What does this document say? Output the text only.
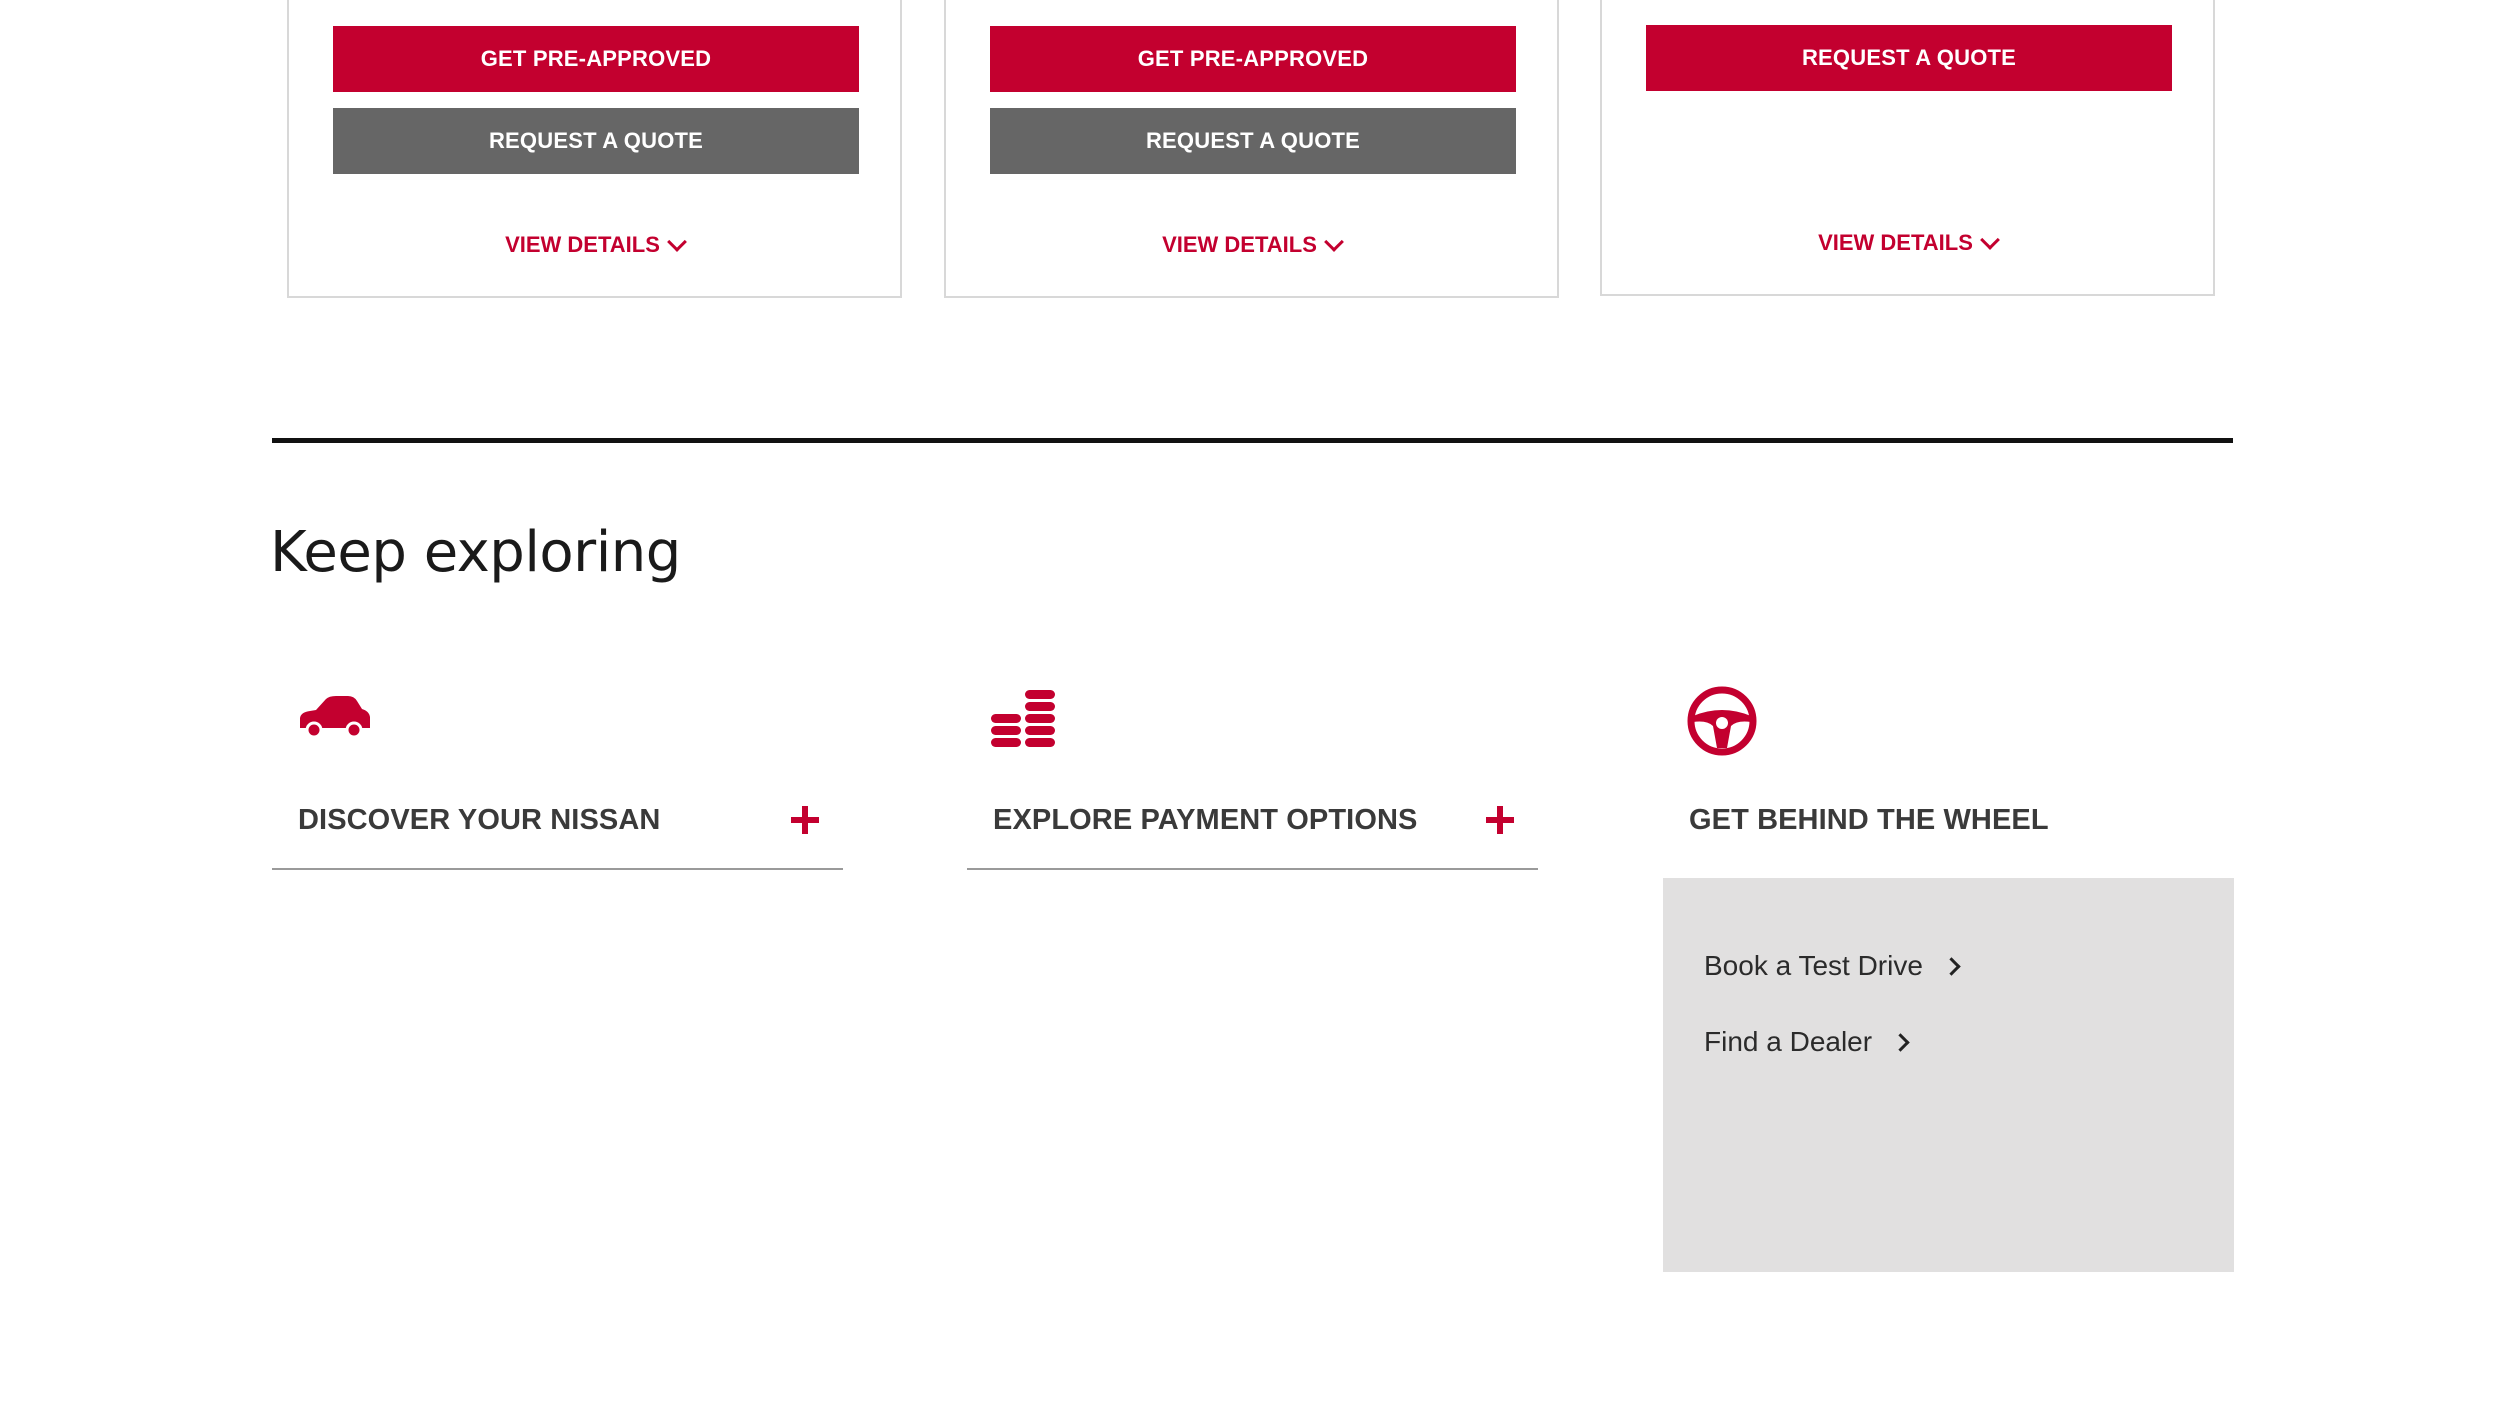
GET PRE-APPROVED
REQUEST A QUOTE
VIEW DETAILS
GET PRE-APPROVED
REQUEST A QUOTE
VIEW DETAILS
REQUEST A QUOTE
VIEW DETAILS
Keep exploring
DISCOVER YOUR NISSAN	EXPLORE PAYMENT OPTIONS	GET BEHIND THE WHEEL
Book a Test Drive
Find a Dealer
